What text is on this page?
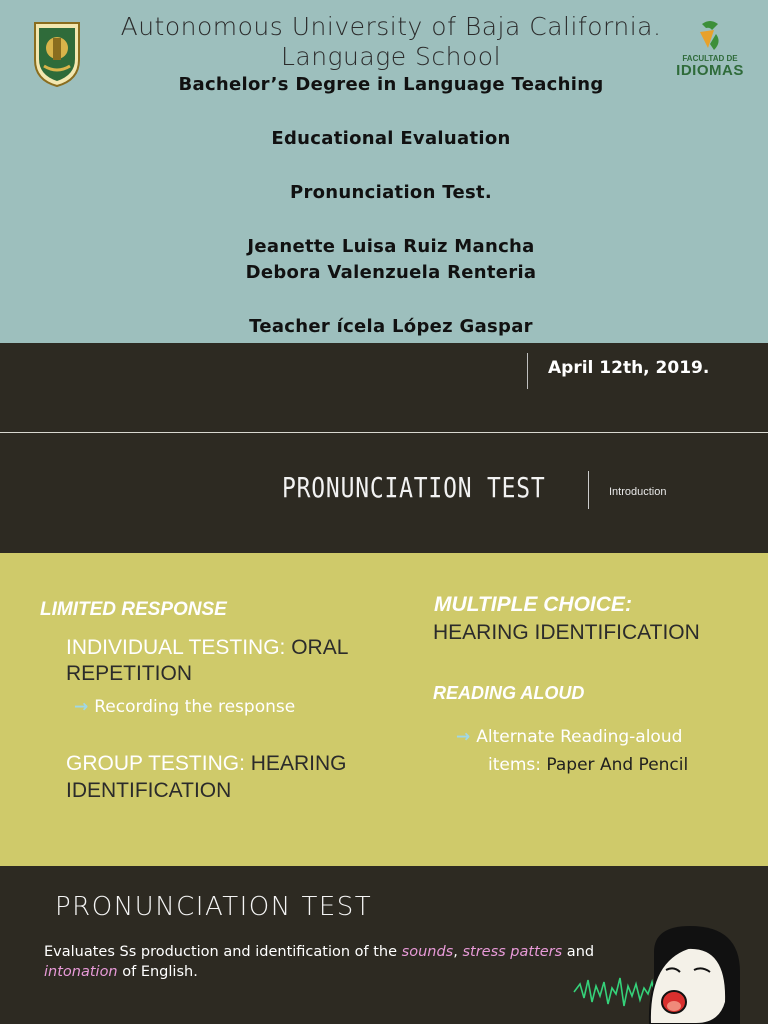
FACULTAD DE
IDIOMAS
Autonomous University of Baja California.
Language School
Bachelor’s Degree in Language Teaching
Educational Evaluation
Pronunciation Test.
Jeanette Luisa Ruiz Mancha
Debora Valenzuela Renteria
Teacher ícela López Gaspar
April 12th, 2019.
PRONUNCIATION TEST	Introduction
LIMITED RESPONSE
INDIVIDUAL TESTING: ORAL
REPETITION
→ Recording the response
GROUP TESTING: HEARING
IDENTIFICATION
MULTIPLE CHOICE:
HEARING IDENTIFICATION
READING ALOUD
→ Alternate Reading-aloud
items: Paper And Pencil
PRONUNCIATION TEST
Evaluates Ss production and identification of the sounds, stress patters and
intonation of English.
